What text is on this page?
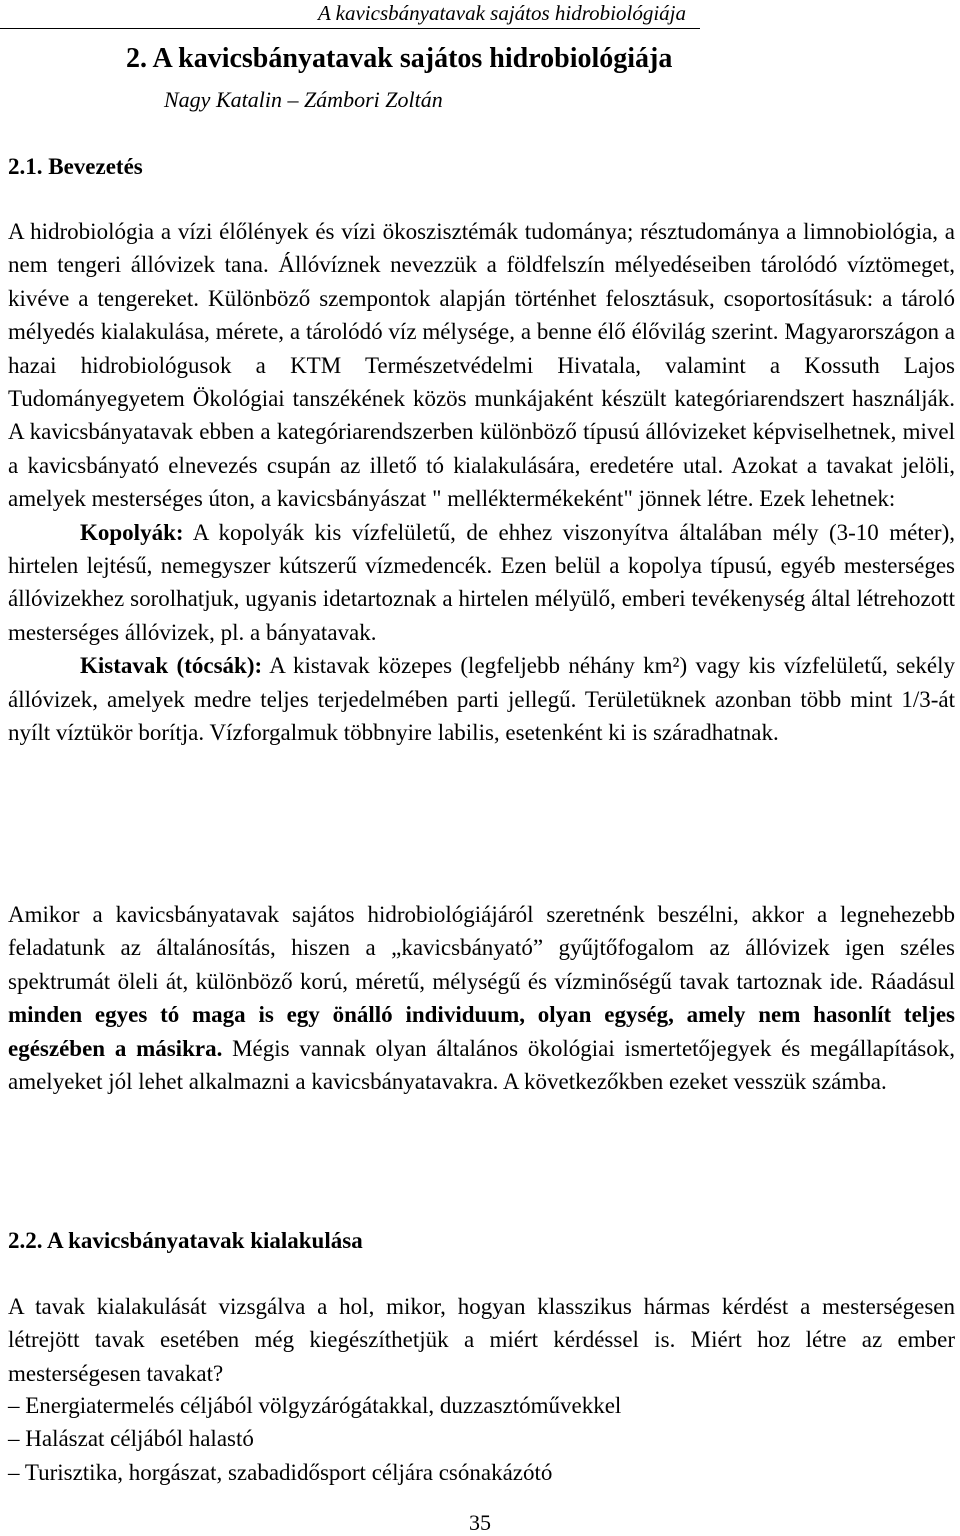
A kavicsbányatavak sajátos hidrobiológiája
2. A kavicsbányatavak sajátos hidrobiológiája
Nagy Katalin – Zámbori Zoltán
2.1. Bevezetés

A hidrobiológia a vízi élőlények és vízi ökoszisztémák tudománya; résztudománya a limnobiológia, a nem tengeri állóvizek tana. Állóvíznek nevezzük a földfelszín mélyedéseiben tárolódó víztömeget, kivéve a tengereket. Különböző szempontok alapján történhet felosztásuk, csoportosításuk: a tároló mélyedés kialakulása, mérete, a tárolódó víz mélysége, a benne élő élővilág szerint. Magyarországon a hazai hidrobiológusok a KTM Természetvédelmi Hivatala, valamint a Kossuth Lajos Tudományegyetem Ökológiai tanszékének közös munkájaként készült kategóriarendszert használják. A kavicsbányatavak ebben a kategóriarendszerben különböző típusú állóvizeket képviselhetnek, mivel a kavicsbányató elnevezés csupán az illető tó kialakulására, eredetére utal. Azokat a tavakat jelöli, amelyek mesterséges úton, a kavicsbányászat " melléktermékeként" jönnek létre. Ezek lehetnek:

Kopolyák: A kopolyák kis vízfelületű, de ehhez viszonyítva általában mély (3-10 méter), hirtelen lejtésű, nemegyszer kútszerű vízmedencék. Ezen belül a kopolya típusú, egyéb mesterséges állóvizekhez sorolhatjuk, ugyanis idetartoznak a hirtelen mélyülő, emberi tevékenység által létrehozott mesterséges állóvizek, pl. a bányatavak.

Kistavak (tócsák): A kistavak közepes (legfeljebb néhány km²) vagy kis vízfelületű, sekély állóvizek, amelyek medre teljes terjedelmében parti jellegű. Területüknek azonban több mint 1/3-át nyílt víztükör borítja. Vízforgalmuk többnyire labilis, esetenként ki is száradhatnak.

Amikor a kavicsbányatavak sajátos hidrobiológiájáról szeretnénk beszélni, akkor a legnehezebb feladatunk az általánosítás, hiszen a „kavicsbányató” gyűjtőfogalom az állóvizek igen széles spektrumát öleli át, különböző korú, méretű, mélységű és vízminőségű tavak tartoznak ide. Ráadásul minden egyes tó maga is egy önálló individuum, olyan egység, amely nem hasonlít teljes egészében a másikra. Mégis vannak olyan általános ökológiai ismertetőjegyek és megállapítások, amelyeket jól lehet alkalmazni a kavicsbányatavakra. A következőkben ezeket vesszük számba.

2.2. A kavicsbányatavak kialakulása

A tavak kialakulását vizsgálva a hol, mikor, hogyan klasszikus hármas kérdést a mesterségesen létrejött tavak esetében még kiegészíthetjük a miért kérdéssel is. Miért hoz létre az ember mesterségesen tavakat?

– Energiatermelés céljából völgyzárógátakkal, duzzasztóművekkel
– Halászat céljából halastó
– Turisztika, horgászat, szabadidősport céljára csónakázótó
35
